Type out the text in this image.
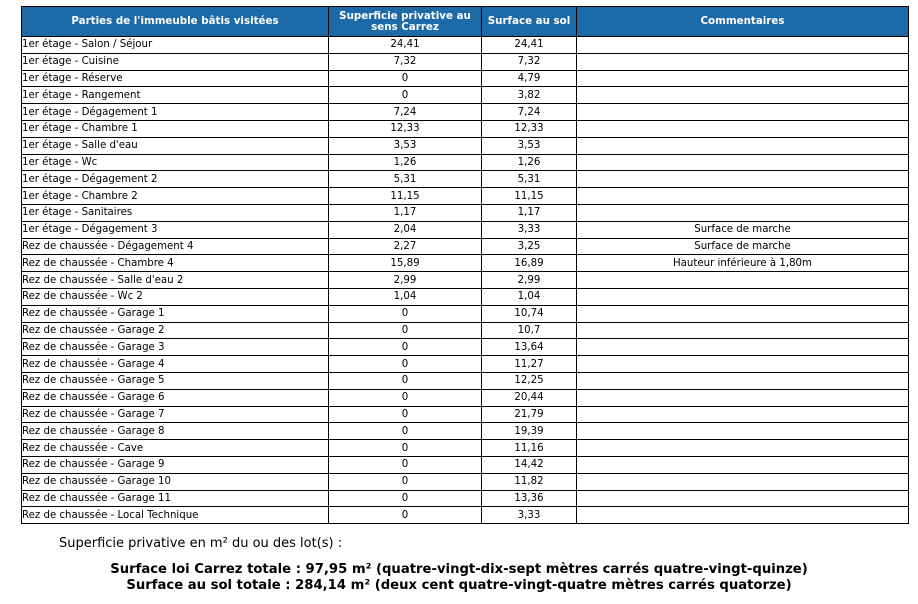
Parties de l'immeuble bâtis visitées	Superficie privative au sens Carrez	Surface au sol	Commentaires
1er étage - Salon / Séjour	24,41	24,41	
1er étage - Cuisine	7,32	7,32	
1er étage - Réserve	0	4,79	
1er étage - Rangement	0	3,82	
1er étage - Dégagement 1	7,24	7,24	
1er étage - Chambre 1	12,33	12,33	
1er étage - Salle d'eau	3,53	3,53	
1er étage - Wc	1,26	1,26	
1er étage - Dégagement 2	5,31	5,31	
1er étage - Chambre 2	11,15	11,15	
1er étage - Sanitaires	1,17	1,17	
1er étage - Dégagement 3	2,04	3,33	Surface de marche
Rez de chaussée - Dégagement 4	2,27	3,25	Surface de marche
Rez de chaussée - Chambre 4	15,89	16,89	Hauteur inférieure à 1,80m
Rez de chaussée - Salle d'eau 2	2,99	2,99	
Rez de chaussée - Wc 2	1,04	1,04	
Rez de chaussée - Garage 1	0	10,74	
Rez de chaussée - Garage 2	0	10,7	
Rez de chaussée - Garage 3	0	13,64	
Rez de chaussée - Garage 4	0	11,27	
Rez de chaussée - Garage 5	0	12,25	
Rez de chaussée - Garage 6	0	20,44	
Rez de chaussée - Garage 7	0	21,79	
Rez de chaussée - Garage 8	0	19,39	
Rez de chaussée - Cave	0	11,16	
Rez de chaussée - Garage 9	0	14,42	
Rez de chaussée - Garage 10	0	11,82	
Rez de chaussée - Garage 11	0	13,36	
Rez de chaussée - Local Technique	0	3,33	
Superficie privative en m² du ou des lot(s) :
Surface loi Carrez totale : 97,95 m² (quatre-vingt-dix-sept mètres carrés quatre-vingt-quinze)
Surface au sol totale : 284,14 m² (deux cent quatre-vingt-quatre mètres carrés quatorze)
